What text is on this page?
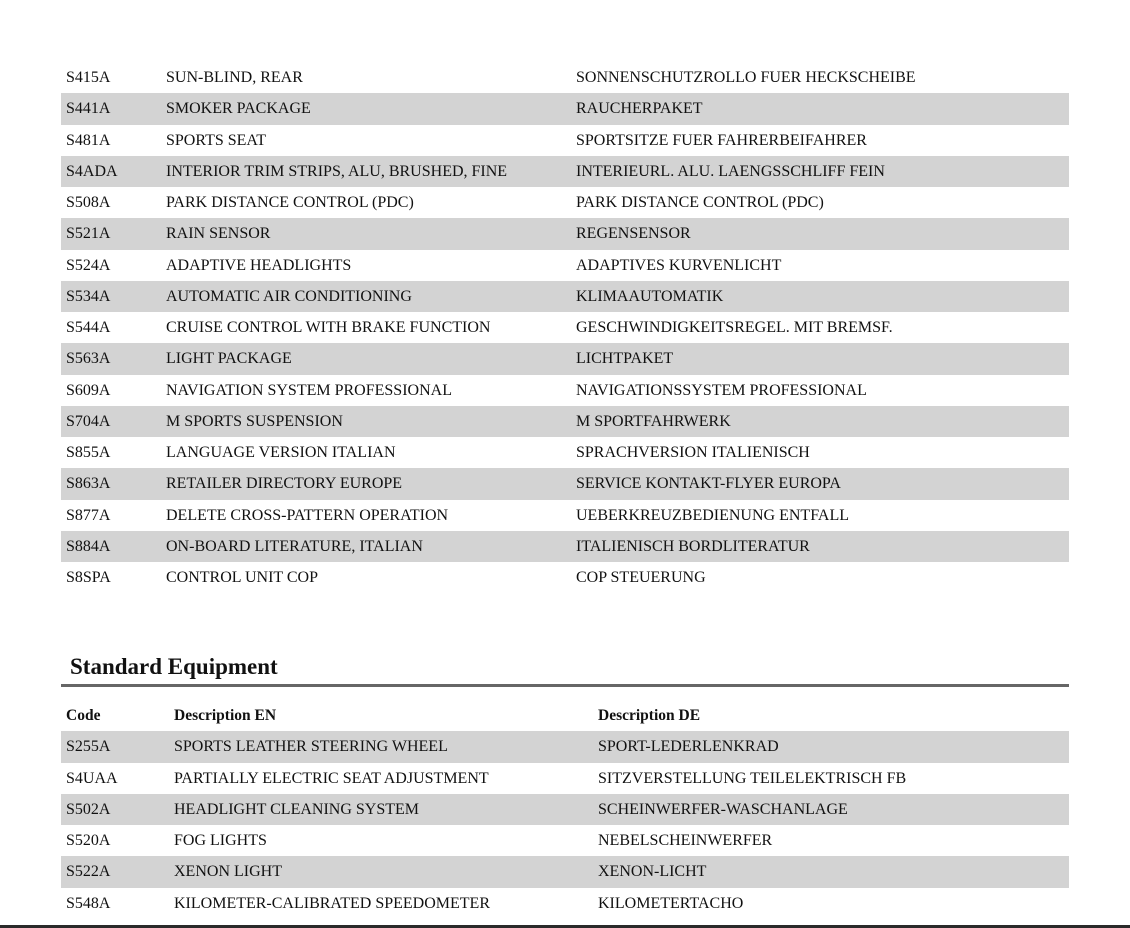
S415A	SUN-BLIND, REAR	SONNENSCHUTZROLLO FUER HECKSCHEIBE
S441A	SMOKER PACKAGE	RAUCHERPAKET
S481A	SPORTS SEAT	SPORTSITZE FUER FAHRERBEIFAHRER
S4ADA	INTERIOR TRIM STRIPS, ALU, BRUSHED, FINE	INTERIEURL. ALU. LAENGSSCHLIFF FEIN
S508A	PARK DISTANCE CONTROL (PDC)	PARK DISTANCE CONTROL (PDC)
S521A	RAIN SENSOR	REGENSENSOR
S524A	ADAPTIVE HEADLIGHTS	ADAPTIVES KURVENLICHT
S534A	AUTOMATIC AIR CONDITIONING	KLIMAAUTOMATIK
S544A	CRUISE CONTROL WITH BRAKE FUNCTION	GESCHWINDIGKEITSREGEL. MIT BREMSF.
S563A	LIGHT PACKAGE	LICHTPAKET
S609A	NAVIGATION SYSTEM PROFESSIONAL	NAVIGATIONSSYSTEM PROFESSIONAL
S704A	M SPORTS SUSPENSION	M SPORTFAHRWERK
S855A	LANGUAGE VERSION ITALIAN	SPRACHVERSION ITALIENISCH
S863A	RETAILER DIRECTORY EUROPE	SERVICE KONTAKT-FLYER EUROPA
S877A	DELETE CROSS-PATTERN OPERATION	UEBERKREUZBEDIENUNG ENTFALL
S884A	ON-BOARD LITERATURE, ITALIAN	ITALIENISCH BORDLITERATUR
S8SPA	CONTROL UNIT COP	COP STEUERUNG
Standard Equipment
Code	Description EN	Description DE
S255A	SPORTS LEATHER STEERING WHEEL	SPORT-LEDERLENKRAD
S4UAA	PARTIALLY ELECTRIC SEAT ADJUSTMENT	SITZVERSTELLUNG TEILELEKTRISCH FB
S502A	HEADLIGHT CLEANING SYSTEM	SCHEINWERFER-WASCHANLAGE
S520A	FOG LIGHTS	NEBELSCHEINWERFER
S522A	XENON LIGHT	XENON-LICHT
S548A	KILOMETER-CALIBRATED SPEEDOMETER	KILOMETERTACHO
